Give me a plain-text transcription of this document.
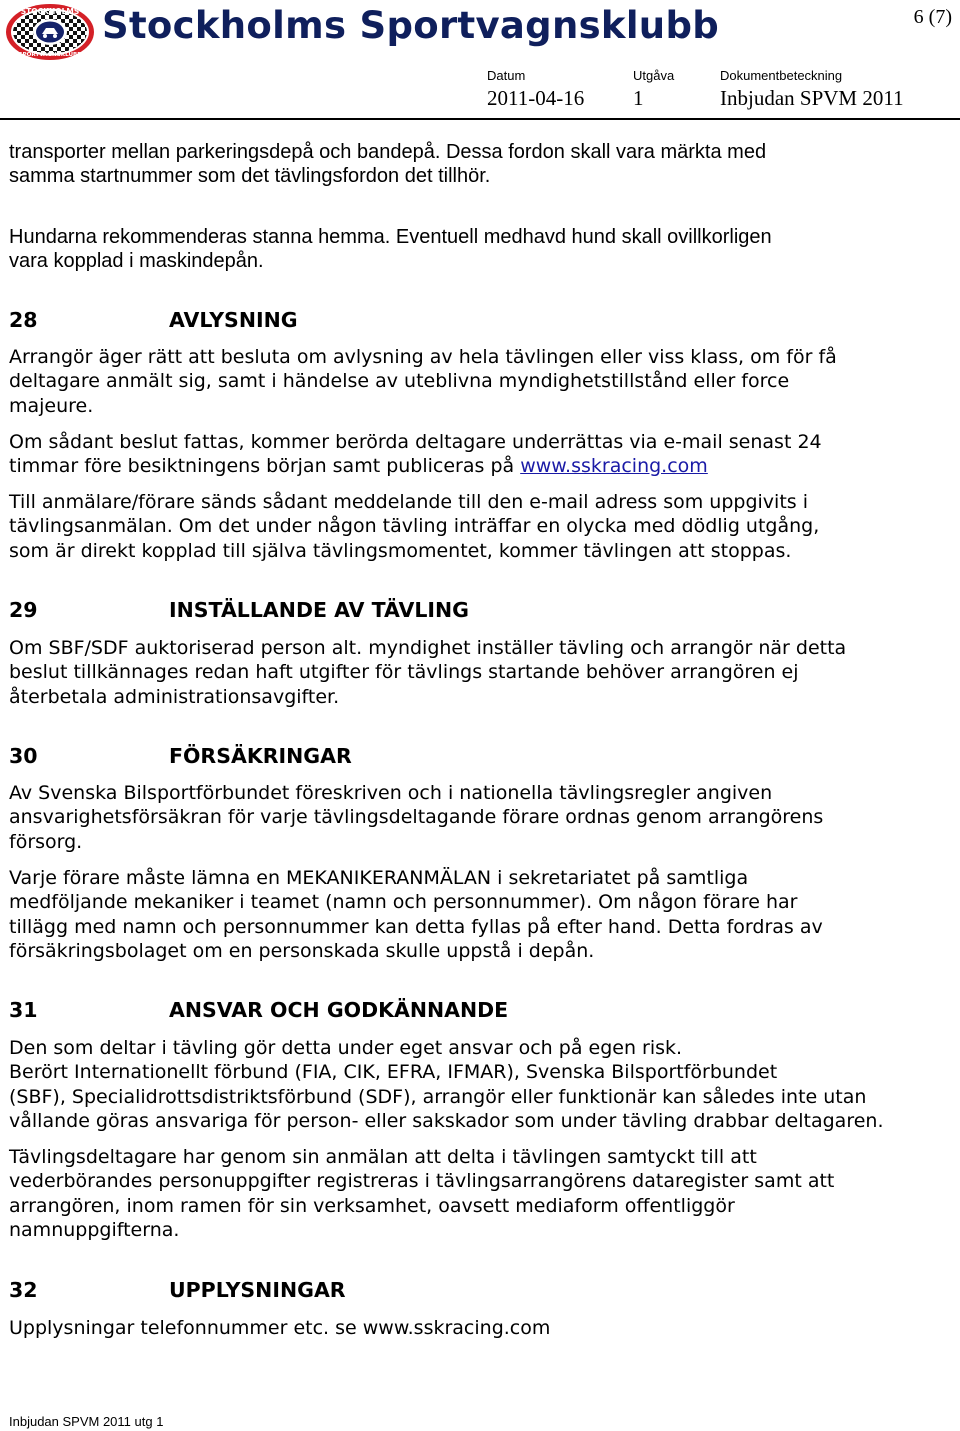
STOCKHOLMS
SPORTVAGNSKLUBB
Stockholms Sportvagnsklubb	6 (7)
Datum	Utgåva	Dokumentbeteckning
2011-04-16 1	Inbjudan SPVM 2011
transporter mellan parkeringsdepå och bandepå. Dessa fordon skall vara märkta med
samma startnummer som det tävlingsfordon det tillhör.
Hundarna rekommenderas stanna hemma. Eventuell medhavd hund skall ovillkorligen
vara kopplad i maskindepån.
28	AVLYSNING
Arrangör äger rätt att besluta om avlysning av hela tävlingen eller viss klass, om för få
deltagare anmält sig, samt i händelse av uteblivna myndighetstillstånd eller force
majeure.
Om sådant beslut fattas, kommer berörda deltagare underrättas via e-mail senast 24
timmar före besiktningens början samt publiceras på www.sskracing.com
Till anmälare/förare sänds sådant meddelande till den e-mail adress som uppgivits i
tävlingsanmälan. Om det under någon tävling inträffar en olycka med dödlig utgång,
som är direkt kopplad till själva tävlingsmomentet, kommer tävlingen att stoppas.
29	INSTÄLLANDE AV TÄVLING
Om SBF/SDF auktoriserad person alt. myndighet inställer tävling och arrangör när detta
beslut tillkännages redan haft utgifter för tävlings startande behöver arrangören ej
återbetala administrationsavgifter.
30	FÖRSÄKRINGAR
Av Svenska Bilsportförbundet föreskriven och i nationella tävlingsregler angiven
ansvarighetsförsäkran för varje tävlingsdeltagande förare ordnas genom arrangörens
försorg.
Varje förare måste lämna en MEKANIKERANMÄLAN i sekretariatet på samtliga
medföljande mekaniker i teamet (namn och personnummer). Om någon förare har
tillägg med namn och personnummer kan detta fyllas på efter hand. Detta fordras av
försäkringsbolaget om en personskada skulle uppstå i depån.
31	ANSVAR OCH GODKÄNNANDE
Den som deltar i tävling gör detta under eget ansvar och på egen risk.
Berört Internationellt förbund (FIA, CIK, EFRA, IFMAR), Svenska Bilsportförbundet
(SBF), Specialidrottsdistriktsförbund (SDF), arrangör eller funktionär kan således inte utan
vållande göras ansvariga för person- eller sakskador som under tävling drabbar deltagaren.
Tävlingsdeltagare har genom sin anmälan att delta i tävlingen samtyckt till att
vederbörandes personuppgifter registreras i tävlingsarrangörens dataregister samt att
arrangören, inom ramen för sin verksamhet, oavsett mediaform offentliggör
namnuppgifterna.
32	UPPLYSNINGAR
Upplysningar telefonnummer etc. se www.sskracing.com
Inbjudan SPVM 2011 utg 1
